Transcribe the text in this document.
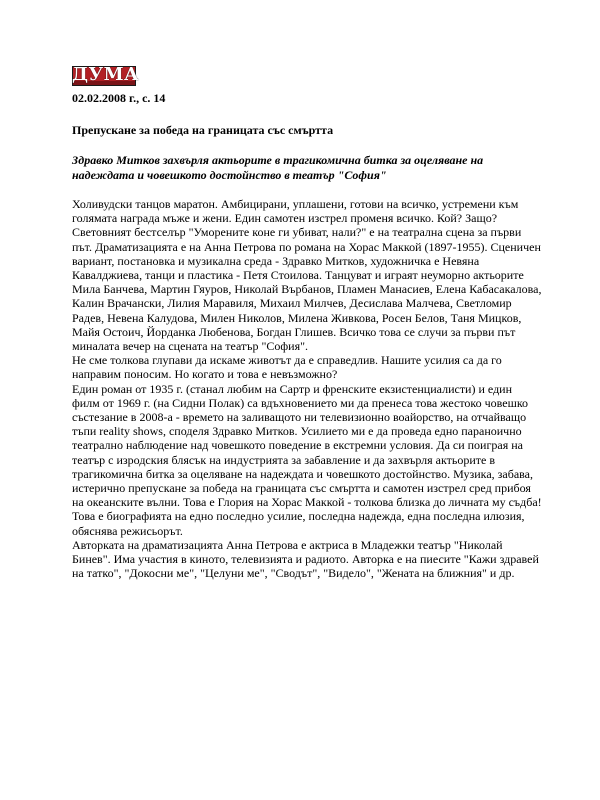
ДУМА
02.02.2008 г., с. 14
Препускане за победа на границата със смъртта
Здравко Митков захвърля актьорите в трагикомична битка за оцеляване на надеждата и човешкото достойнство в театър "София"

Холивудски танцов маратон. Амбицирани, уплашени, готови на всичко, устремени към голямата награда мъже и жени. Един самотен изстрел променя всичко. Кой? Защо? Световният бестселър "Уморените коне ги убиват, нали?" е на театрална сцена за първи път. Драматизацията е на Анна Петрова по романа на Хорас Маккой (1897-1955). Сценичен вариант, постановка и музикална среда - Здравко Митков, художничка е Невяна Кавалджиева, танци и пластика - Петя Стоилова. Танцуват и играят неуморно актьорите Мила Банчева, Мартин Гяуров, Николай Върбанов, Пламен Манасиев, Елена Кабасакалова, Калин Врачански, Лилия Маравиля, Михаил Милчев, Десислава Малчева, Светломир Радев, Невена Калудова, Милен Николов, Милена Живкова, Росен Белов, Таня Мицков, Майя Остоич, Йорданка Любенова, Богдан Глишев. Всичко това се случи за първи път миналата вечер на сцената на театър "София".

Не сме толкова глупави да искаме животът да е справедлив. Нашите усилия са да го направим поносим. Но когато и това е невъзможно?

Един роман от 1935 г. (станал любим на Сартр и френските екзистенциалисти) и един филм от 1969 г. (на Сидни Полак) са вдъхновението ми да пренеса това жестоко човешко състезание в 2008-а - времето на заливащото ни телевизионно воайорство, на отчайващо тъпи reality shows, споделя Здравко Митков. Усилието ми е да проведа едно параноично театрално наблюдение над човешкото поведение в екстремни условия. Да си поиграя на театър с изродския блясък на индустрията за забавление и да захвърля актьорите в трагикомична битка за оцеляване на надеждата и човешкото достойнство. Музика, забава, истерично препускане за победа на границата със смъртта и самотен изстрел сред прибоя на океанските вълни. Това е Глория на Хорас Маккой - толкова близка до личната му съдба! Това е биографията на едно последно усилие, последна надежда, една последна илюзия, обяснява режисьорът.

Авторката на драматизацията Анна Петрова е актриса в Младежки театър "Николай Бинев". Има участия в киното, телевизията и радиото. Авторка е на пиесите "Кажи здравей на татко", "Докосни ме", "Целуни ме", "Сводът", "Видело", "Жената на ближния" и др.
